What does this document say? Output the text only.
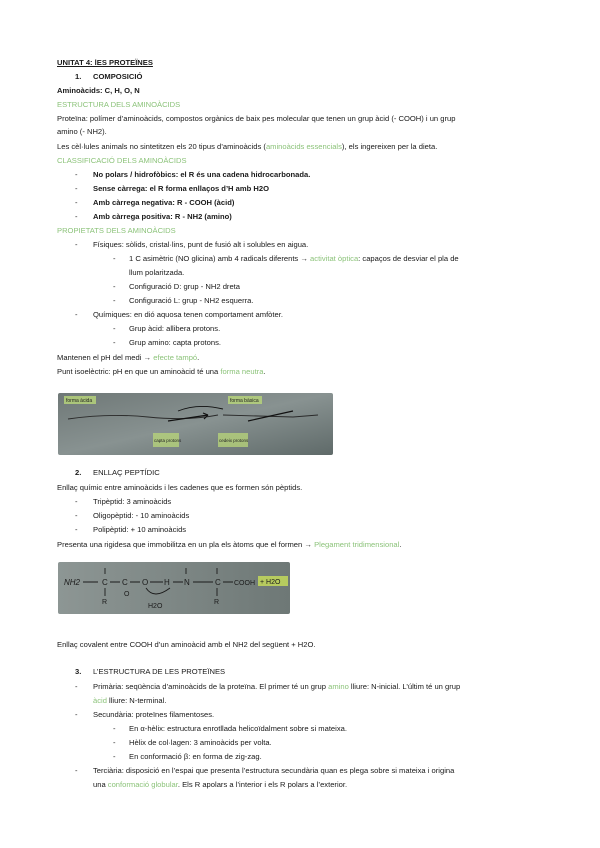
UNITAT 4: lES PROTEÏNES
1. COMPOSICIÓ
Aminoàcids: C, H, O, N
ESTRUCTURA DELS AMINOÀCIDS
Proteïna: polímer d’aminoàcids, compostos orgànics de baix pes molecular que tenen un grup àcid (- COOH) i un grup
amino (- NH2).
Les cèl·lules animals no sintetitzen els 20 tipus d’aminoàcids (aminoàcids essencials), els ingereixen per la dieta.
CLASSIFICACIÓ DELS AMINOÀCIDS
- No polars / hidrofòbics: el R és una cadena hidrocarbonada.
- Sense càrrega: el R forma enllaços d’H amb H2O
- Amb càrrega negativa: R - COOH (àcid)
- Amb càrrega positiva: R - NH2 (amino)
PROPIETATS DELS AMINOÀCIDS
- Físiques: sòlids, cristal·lins, punt de fusió alt i solubles en aigua.
- 1 C asimètric (NO glicina) amb 4 radicals diferents → activitat òptica: capaços de desviar el pla de
llum polaritzada.
- Configuració D: grup - NH2 dreta
- Configuració L: grup - NH2 esquerra.
- Químiques: en dió aquosa tenen comportament amfòter.
- Grup àcid: allibera protons.
- Grup amino: capta protons.
Mantenen el pH del medi → efecte tampó.
Punt isoelèctric: pH en que un aminoàcid té una forma neutra.
forma àcida	forma bàsica
capta protons	cedeix protons
2. ENLLAÇ PEPTÍDIC
Enllaç químic entre aminoàcids i les cadenes que es formen són pèptids.
- Tripèptid: 3 aminoàcids
- Oligopèptid: - 10 aminoàcids
- Polipèptid: + 10 aminoàcids
Presenta una rigidesa que immobilitza en un pla els àtoms que el formen → Plegament tridimensional.
NH2	C C O H N	C COOH + H2O
R	R
O
H2O
Enllaç covalent entre COOH d’un aminoàcid amb el NH2 del següent + H2O.
3. L’ESTRUCTURA DE LES PROTEÏNES
- Primària: seqüència d’aminoàcids de la proteïna. El primer té un grup amino lliure: N-inicial. L’últim té un grup
àcid lliure: N-terminal.
- Secundària: proteïnes filamentoses.
- En α-hèlix: estructura enrotllada helicoïdalment sobre si mateixa.
- Hèlix de col·lagen: 3 aminoàcids per volta.
- En conformació β: en forma de zig-zag.
- Terciària: disposició en l’espai que presenta l’estructura secundària quan es plega sobre si mateixa i origina
una conformació globular. Els R apolars a l’interior i els R polars a l’exterior.
